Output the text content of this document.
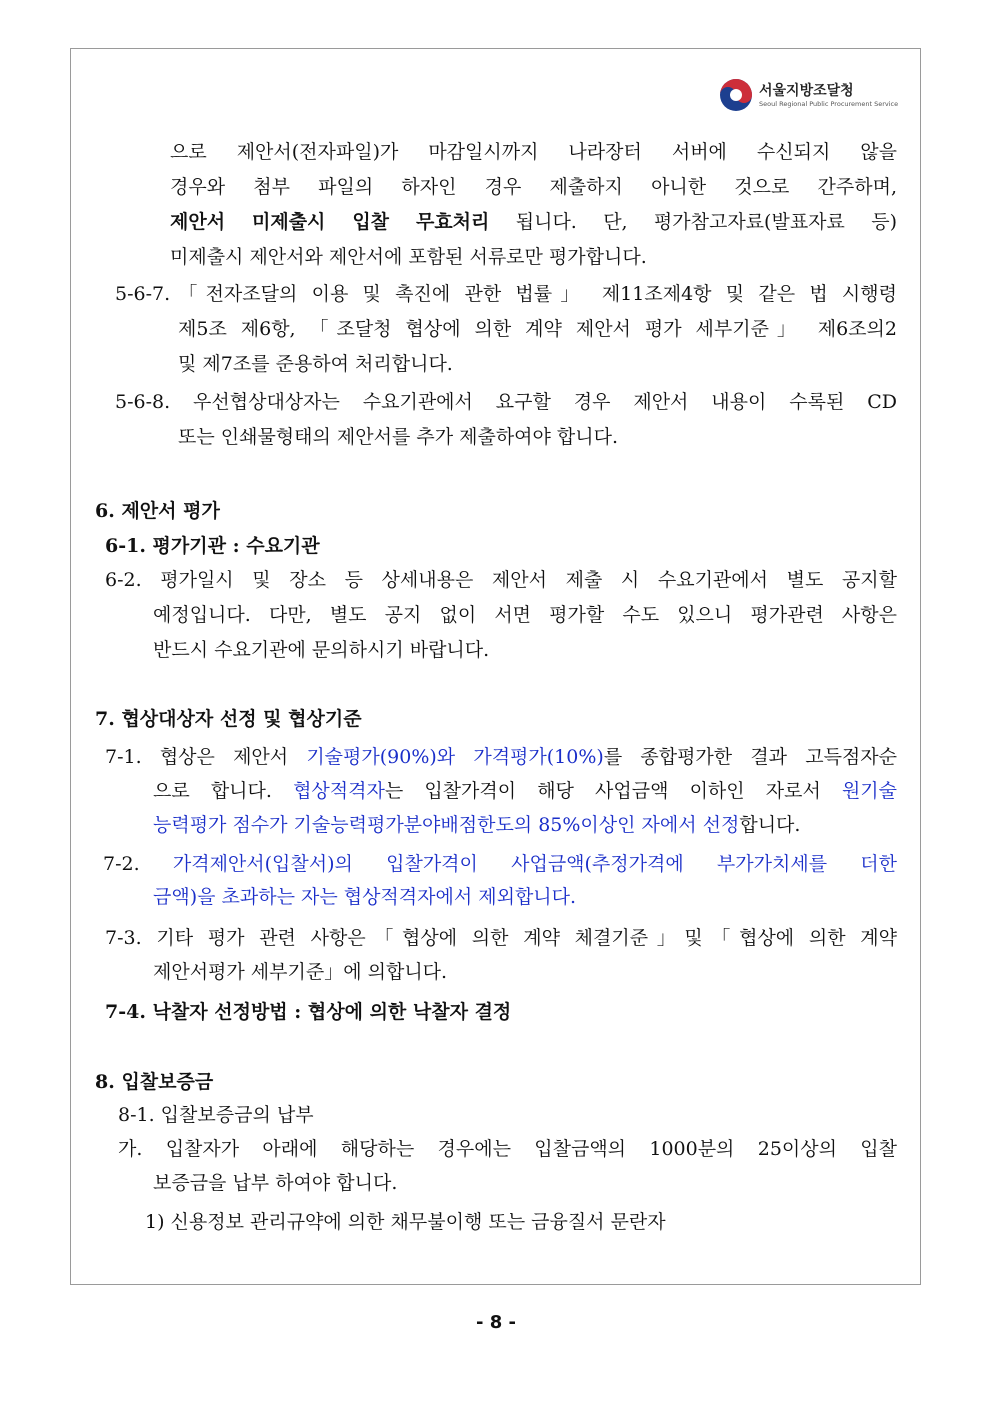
서울지방조달청
Seoul Regional Public Procurement Service
으로 제안서(전자파일)가 마감일시까지 나라장터 서버에 수신되지 않을
경우와 첨부 파일의 하자인 경우 제출하지 아니한 것으로 간주하며,
제안서 미제출시 입찰 무효처리 됩니다. 단, 평가참고자료(발표자료 등)
미제출시 제안서와 제안서에 포함된 서류로만 평가합니다.
5-6-7.「전자조달의 이용 및 촉진에 관한 법률」 제11조제4항 및 같은 법 시행령
제5조 제6항, 「조달청 협상에 의한 계약 제안서 평가 세부기준」 제6조의2
및 제7조를 준용하여 처리합니다.
5-6-8. 우선협상대상자는 수요기관에서 요구할 경우 제안서 내용이 수록된 CD
또는 인쇄물형태의 제안서를 추가 제출하여야 합니다.
6. 제안서 평가
6-1. 평가기관 : 수요기관
6-2. 평가일시 및 장소 등 상세내용은 제안서 제출 시 수요기관에서 별도 공지할
예정입니다. 다만, 별도 공지 없이 서면 평가할 수도 있으니 평가관련 사항은
반드시 수요기관에 문의하시기 바랍니다.
7. 협상대상자 선정 및 협상기준
7-1. 협상은 제안서 기술평가(90%)와 가격평가(10%)를 종합평가한 결과 고득점자순
으로 합니다. 협상적격자는 입찰가격이 해당 사업금액 이하인 자로서 원기술
능력평가 점수가 기술능력평가분야배점한도의 85%이상인 자에서 선정합니다.
7-2. 가격제안서(입찰서)의 입찰가격이 사업금액(추정가격에 부가가치세를 더한
금액)을 초과하는 자는 협상적격자에서 제외합니다.
7-3. 기타 평가 관련 사항은「협상에 의한 계약 체결기준」및「협상에 의한 계약
제안서평가 세부기준」에 의합니다.
7-4. 낙찰자 선정방법 : 협상에 의한 낙찰자 결정
8. 입찰보증금
8-1. 입찰보증금의 납부
가. 입찰자가 아래에 해당하는 경우에는 입찰금액의 1000분의 25이상의 입찰
보증금을 납부 하여야 합니다.
1) 신용정보 관리규약에 의한 채무불이행 또는 금융질서 문란자
- 8 -
